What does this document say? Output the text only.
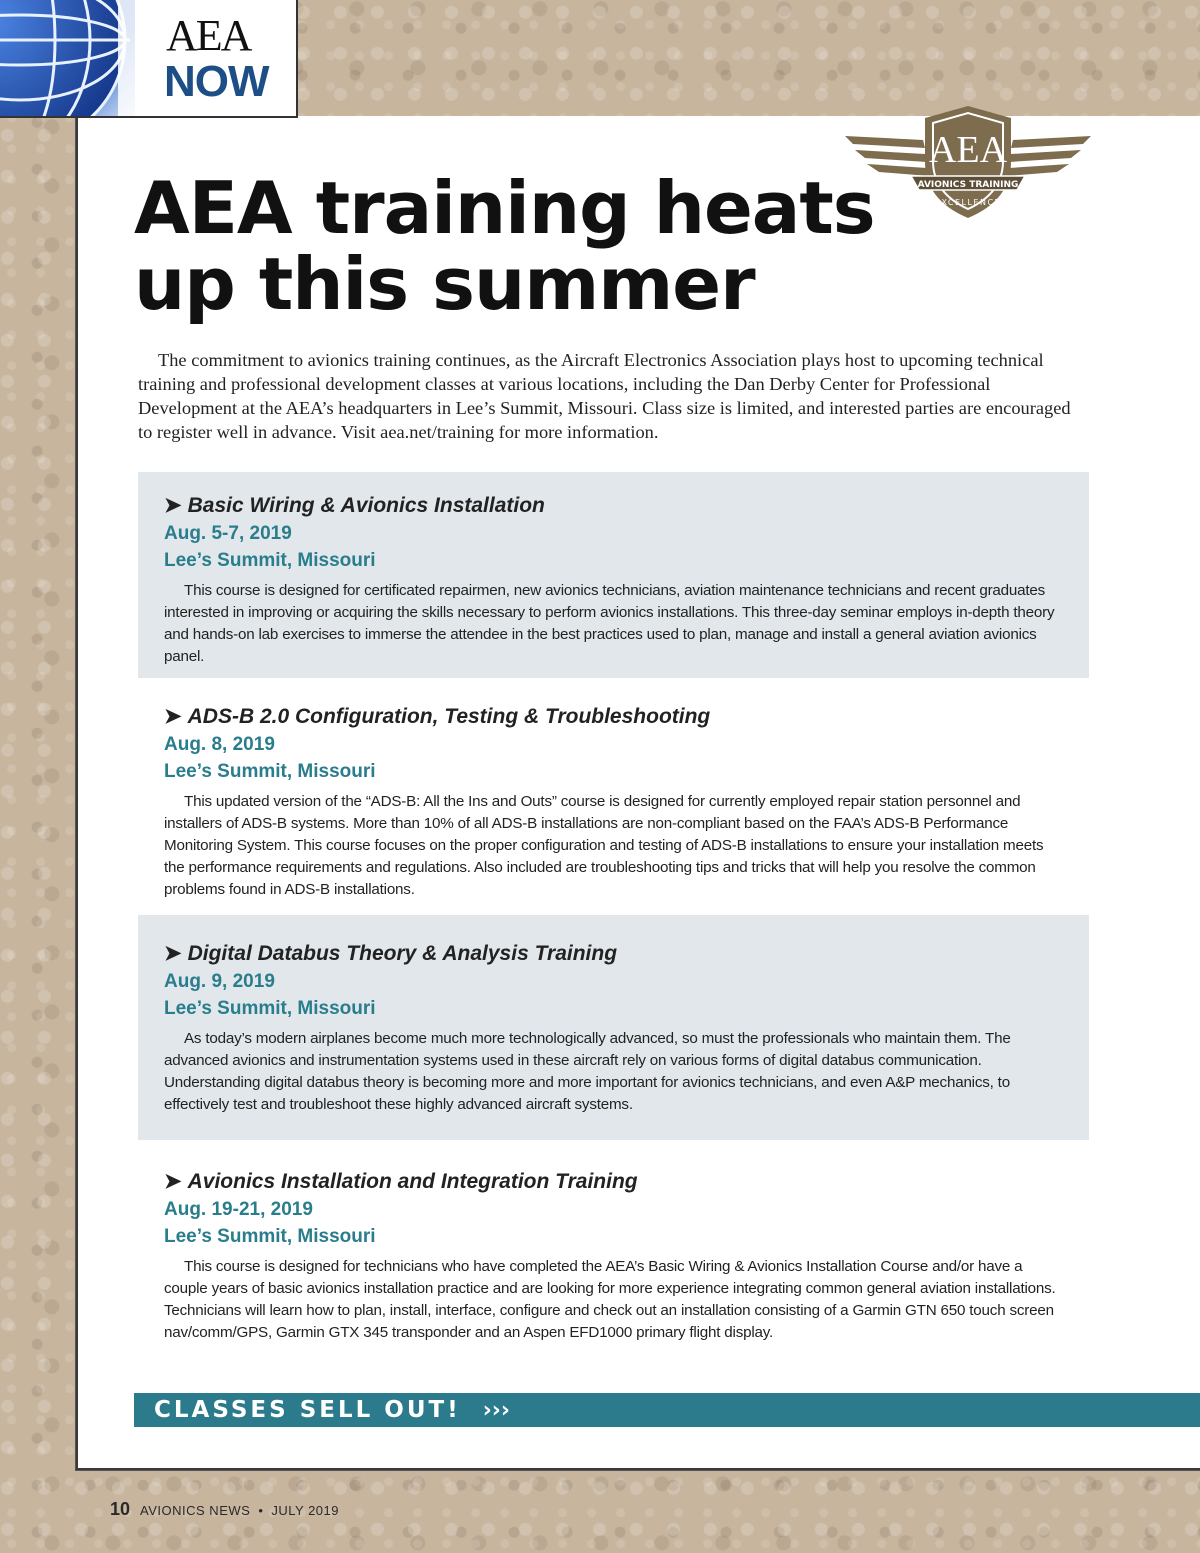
AEA
NOW
AEA
AVIONICS TRAINING
EXCELLENCE
AEA training heats
up this summer

The commitment to avionics training continues, as the Aircraft Electronics Association plays host to upcoming technical training and professional development classes at various locations, including the Dan Derby Center for Professional Development at the AEA’s headquarters in Lee’s Summit, Missouri. Class size is limited, and interested parties are encouraged to register well in advance. Visit aea.net/training for more information.

➤ Basic Wiring & Avionics Installation

Aug. 5-7, 2019

Lee’s Summit, Missouri

This course is designed for certificated repairmen, new avionics technicians, aviation maintenance technicians and recent graduates interested in improving or acquiring the skills necessary to perform avionics installations. This three-day seminar employs in-depth theory and hands-on lab exercises to immerse the attendee in the best practices used to plan, manage and install a general aviation avionics panel.

➤ ADS-B 2.0 Configuration, Testing & Troubleshooting

Aug. 8, 2019

Lee’s Summit, Missouri

This updated version of the “ADS-B: All the Ins and Outs” course is designed for currently employed repair station personnel and installers of ADS-B systems. More than 10% of all ADS-B installations are non-compliant based on the FAA’s ADS-B Performance Monitoring System. This course focuses on the proper configuration and testing of ADS-B installations to ensure your installation meets the performance requirements and regulations. Also included are troubleshooting tips and tricks that will help you resolve the common problems found in ADS-B installations.

➤ Digital Databus Theory & Analysis Training

Aug. 9, 2019

Lee’s Summit, Missouri

As today’s modern airplanes become much more technologically advanced, so must the professionals who maintain them. The advanced avionics and instrumentation systems used in these aircraft rely on various forms of digital databus communication. Understanding digital databus theory is becoming more and more important for avionics technicians, and even A&P mechanics, to effectively test and troubleshoot these highly advanced aircraft systems.

➤ Avionics Installation and Integration Training

Aug. 19-21, 2019

Lee’s Summit, Missouri

This course is designed for technicians who have completed the AEA’s Basic Wiring & Avionics Installation Course and/or have a couple years of basic avionics installation practice and are looking for more experience integrating common general aviation installations. Technicians will learn how to plan, install, interface, configure and check out an installation consisting of a Garmin GTN 650 touch screen nav/comm/GPS, Garmin GTX 345 transponder and an Aspen EFD1000 primary flight display.

CLASSES SELL OUT! ›››
10 AVIONICS NEWS • JULY 2019
